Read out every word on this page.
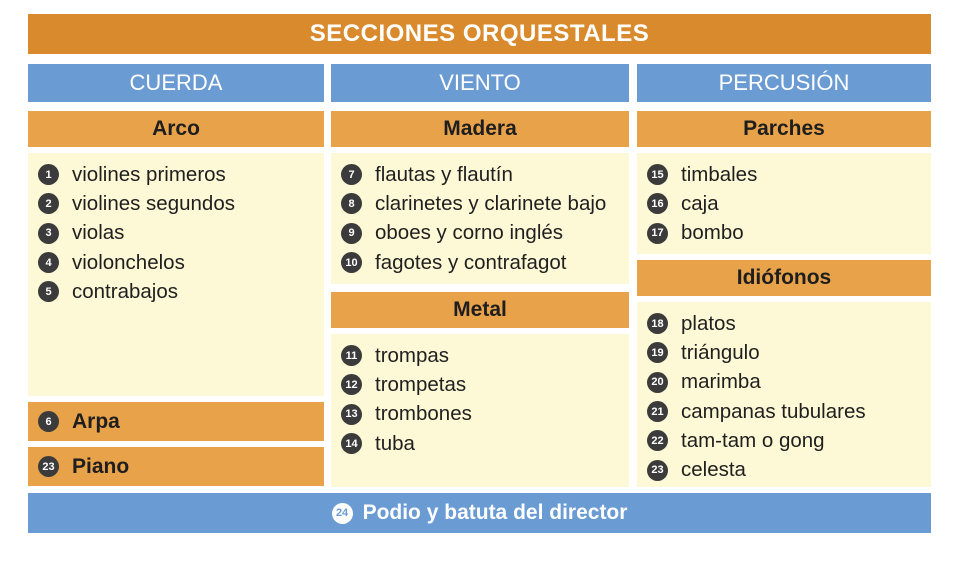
SECCIONES ORQUESTALES
CUERDA	VIENTO	PERCUSIÓN
Arco
1 violines primeros
2 violines segundos
3 violas
4 violonchelos
5 contrabajos
6 Arpa
23 Piano
Madera
7 flautas y flautín
8 clarinetes y clarinete bajo
9 oboes y corno inglés
10 fagotes y contrafagot
Metal
11 trompas
12 trompetas
13 trombones
14 tuba
Parches
15 timbales
16 caja
17 bombo
Idiófonos
18 platos
19 triángulo
20 marimba
21 campanas tubulares
22 tam-tam o gong
23 celesta
24 Podio y batuta del director
